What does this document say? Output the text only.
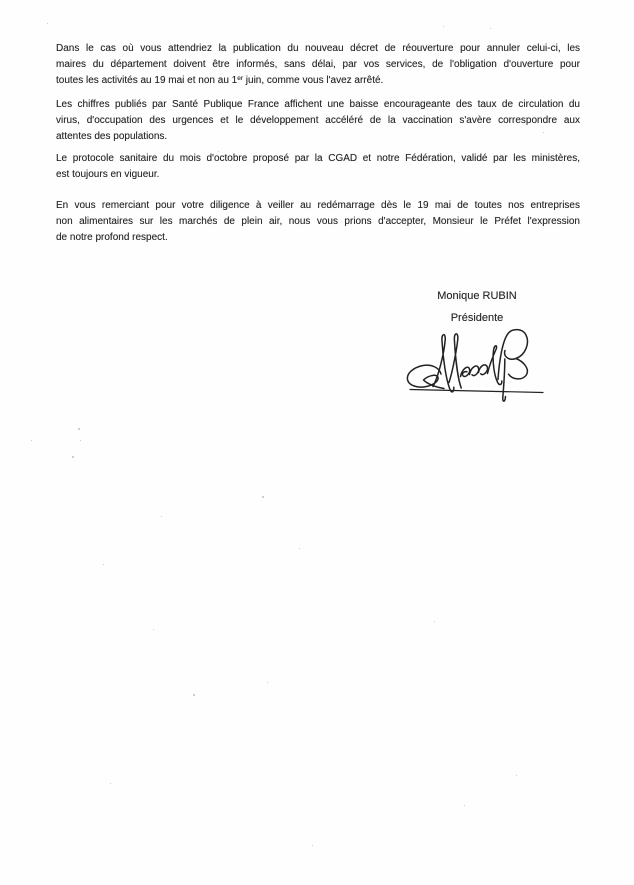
Dans le cas où vous attendriez la publication du nouveau décret de réouverture pour annuler celui-ci, les
maires du département doivent être informés, sans délai, par vos services, de l'obligation d'ouverture pour
toutes les activités au 19 mai et non au 1er juin, comme vous l'avez arrêté.
Les chiffres publiés par Santé Publique France affichent une baisse encourageante des taux de circulation du
virus, d'occupation des urgences et le développement accéléré de la vaccination s'avère correspondre aux
attentes des populations.
Le protocole sanitaire du mois d'octobre proposé par la CGAD et notre Fédération, validé par les ministères,
est toujours en vigueur.
En vous remerciant pour votre diligence à veiller au redémarrage dès le 19 mai de toutes nos entreprises
non alimentaires sur les marchés de plein air, nous vous prions d'accepter, Monsieur le Préfet l'expression
de notre profond respect.
Monique RUBIN
Présidente
